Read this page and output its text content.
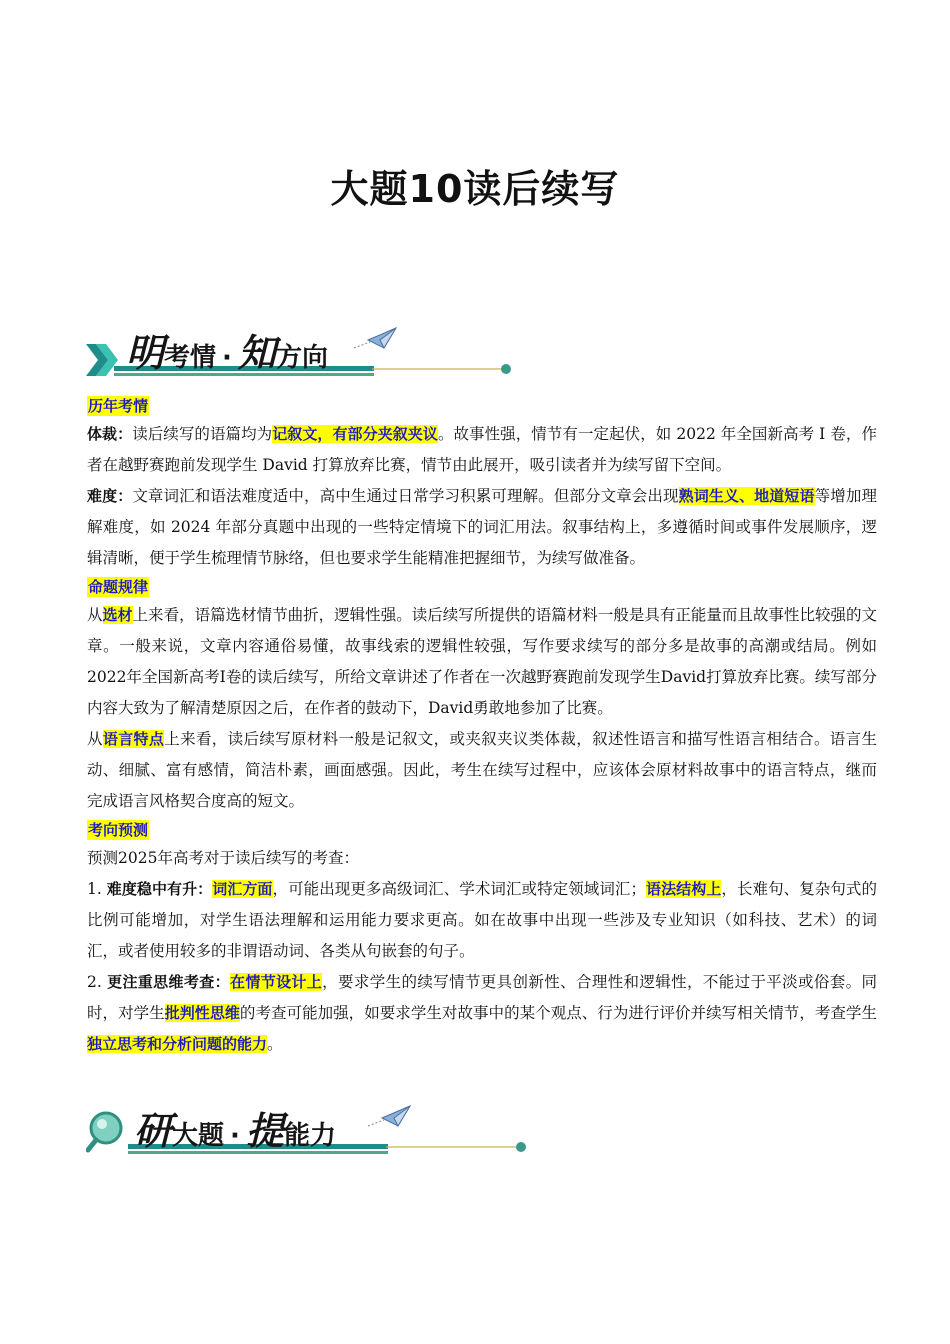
大题10读后续写
明考情 · 知方向
历年考情

体裁：读后续写的语篇均为记叙文，有部分夹叙夹议。故事性强，情节有一定起伏，如 2022 年全国新高考 Ⅰ 卷，作者在越野赛跑前发现学生 David 打算放弃比赛，情节由此展开，吸引读者并为续写留下空间。

难度：文章词汇和语法难度适中，高中生通过日常学习积累可理解。但部分文章会出现熟词生义、地道短语等增加理解难度，如 2024 年部分真题中出现的一些特定情境下的词汇用法。叙事结构上，多遵循时间或事件发展顺序，逻辑清晰，便于学生梳理情节脉络，但也要求学生能精准把握细节，为续写做准备。

命题规律

从选材上来看，语篇选材情节曲折，逻辑性强。读后续写所提供的语篇材料一般是具有正能量而且故事性比较强的文章。一般来说，文章内容通俗易懂，故事线索的逻辑性较强，写作要求续写的部分多是故事的高潮或结局。例如2022年全国新高考I卷的读后续写，所给文章讲述了作者在一次越野赛跑前发现学生David打算放弃比赛。续写部分内容大致为了解清楚原因之后，在作者的鼓动下，David勇敢地参加了比赛。

从语言特点上来看，读后续写原材料一般是记叙文，或夹叙夹议类体裁，叙述性语言和描写性语言相结合。语言生动、细腻、富有感情，简洁朴素，画面感强。因此，考生在续写过程中，应该体会原材料故事中的语言特点，继而完成语言风格契合度高的短文。

考向预测

预测2025年高考对于读后续写的考查：

1. 难度稳中有升：词汇方面，可能出现更多高级词汇、学术词汇或特定领域词汇；语法结构上，长难句、复杂句式的比例可能增加，对学生语法理解和运用能力要求更高。如在故事中出现一些涉及专业知识（如科技、艺术）的词汇，或者使用较多的非谓语动词、各类从句嵌套的句子。

2. 更注重思维考查：在情节设计上，要求学生的续写情节更具创新性、合理性和逻辑性，不能过于平淡或俗套。同时，对学生批判性思维的考查可能加强，如要求学生对故事中的某个观点、行为进行评价并续写相关情节，考查学生独立思考和分析问题的能力。

研大题 · 提能力
